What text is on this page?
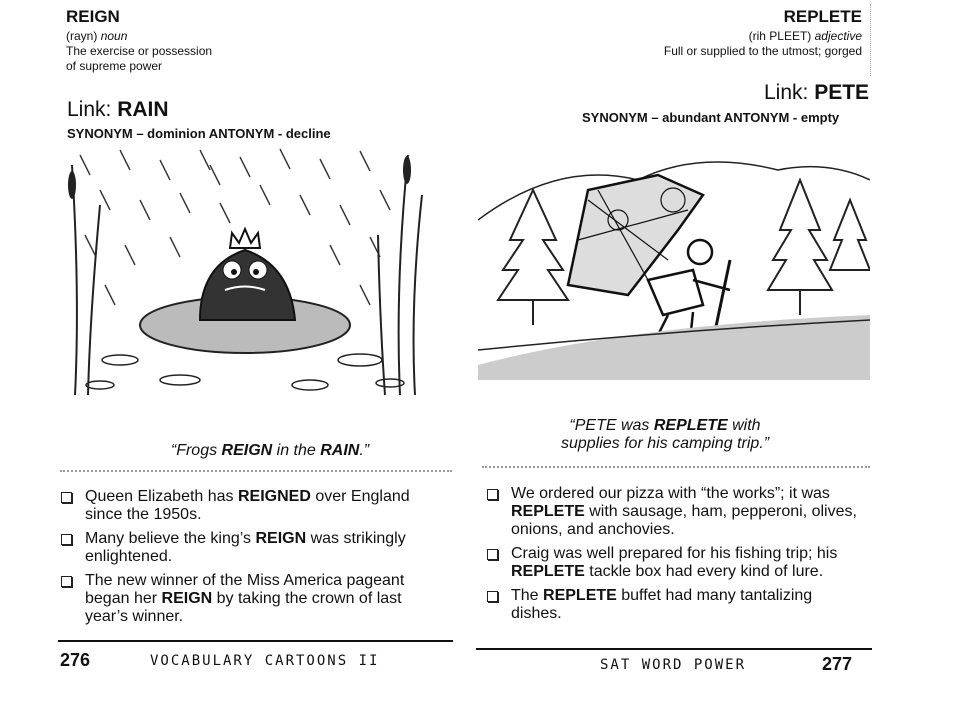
REIGN
(rayn) noun
The exercise or possession
of supreme power
Link: RAIN
SYNONYM – dominion ANTONYM - decline
“Frogs REIGN in the RAIN.”
Queen Elizabeth has REIGNED over England
since the 1950s.
Many believe the king’s REIGN was strikingly
enlightened.
The new winner of the Miss America pageant
began her REIGN by taking the crown of last
year’s winner.
276	VOCABULARY CARTOONS II
REPLETE
(rih PLEET) adjective
Full or supplied to the utmost; gorged
Link: PETE
SYNONYM – abundant ANTONYM - empty
“PETE was REPLETE with
supplies for his camping trip.”
We ordered our pizza with “the works”; it was
REPLETE with sausage, ham, pepperoni, olives,
onions, and anchovies.
Craig was well prepared for his fishing trip; his
REPLETE tackle box had every kind of lure.
The REPLETE buffet had many tantalizing
dishes.
SAT WORD POWER	277
